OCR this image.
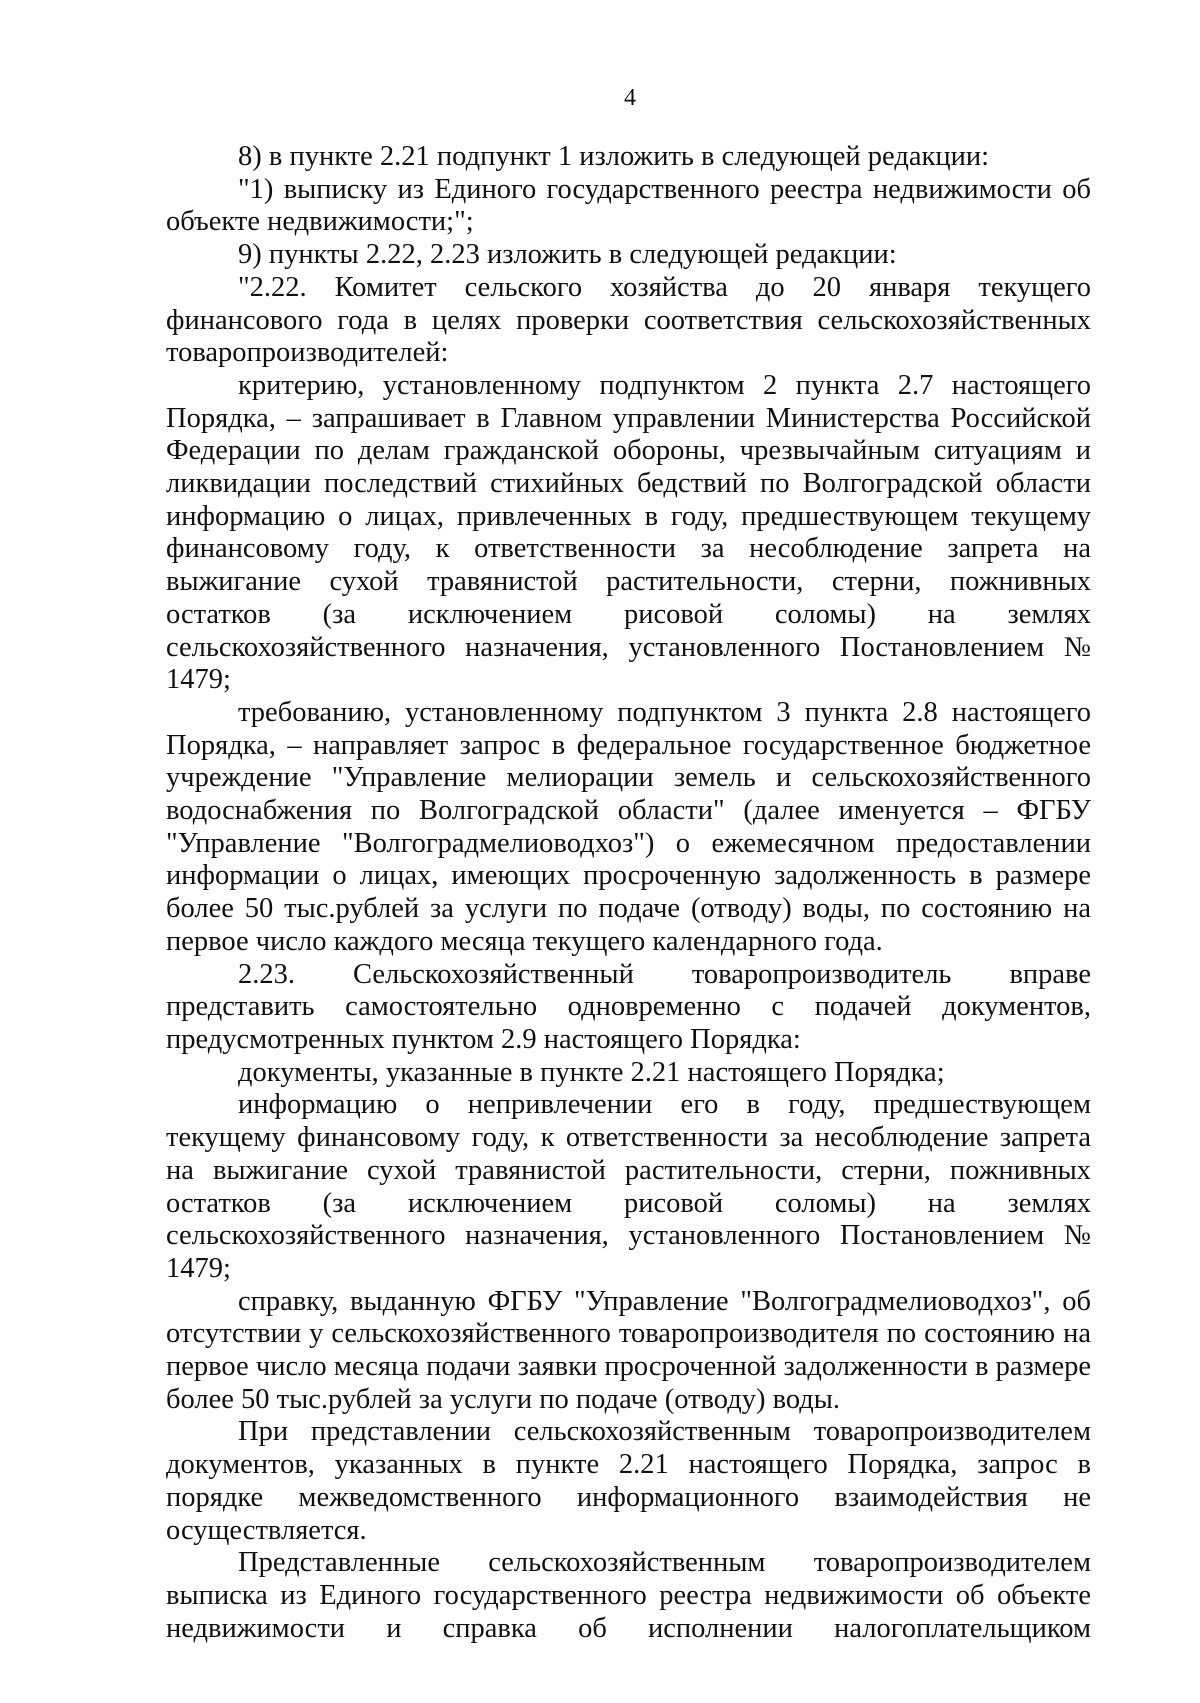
4

8) в пункте 2.21 подпункт 1 изложить в следующей редакции:

"1) выписку из Единого государственного реестра недвижимости об объекте недвижимости;";

9) пункты 2.22, 2.23 изложить в следующей редакции:

"2.22. Комитет сельского хозяйства до 20 января текущего финансового года в целях проверки соответствия сельскохозяйственных товаропроизводителей:

критерию, установленному подпунктом 2 пункта 2.7 настоящего Порядка, – запрашивает в Главном управлении Министерства Российской Федерации по делам гражданской обороны, чрезвычайным ситуациям и ликвидации последствий стихийных бедствий по Волгоградской области информацию о лицах, привлеченных в году, предшествующем текущему финансовому году, к ответственности за несоблюдение запрета на выжигание сухой травянистой растительности, стерни, пожнивных остатков (за исключением рисовой соломы) на землях сельскохозяйственного назначения, установленного Постановлением № 1479;

требованию, установленному подпунктом 3 пункта 2.8 настоящего Порядка, – направляет запрос в федеральное государственное бюджетное учреждение "Управление мелиорации земель и сельскохозяйственного водоснабжения по Волгоградской области" (далее именуется – ФГБУ "Управление "Волгоградмелиоводхоз") о ежемесячном предоставлении информации о лицах, имеющих просроченную задолженность в размере более 50 тыс.рублей за услуги по подаче (отводу) воды, по состоянию на первое число каждого месяца текущего календарного года.

2.23. Сельскохозяйственный товаропроизводитель вправе представить самостоятельно одновременно с подачей документов, предусмотренных пунктом 2.9 настоящего Порядка:

документы, указанные в пункте 2.21 настоящего Порядка;

информацию о непривлечении его в году, предшествующем текущему финансовому году, к ответственности за несоблюдение запрета на выжигание сухой травянистой растительности, стерни, пожнивных остатков (за исключением рисовой соломы) на землях сельскохозяйственного назначения, установленного Постановлением № 1479;

справку, выданную ФГБУ "Управление "Волгоградмелиоводхоз", об отсутствии у сельскохозяйственного товаропроизводителя по состоянию на первое число месяца подачи заявки просроченной задолженности в размере более 50 тыс.рублей за услуги по подаче (отводу) воды.

При представлении сельскохозяйственным товаропроизводителем документов, указанных в пункте 2.21 настоящего Порядка, запрос в порядке межведомственного информационного взаимодействия не осуществляется.

Представленные сельскохозяйственным товаропроизводителем выписка из Единого государственного реестра недвижимости об объекте недвижимости и справка об исполнении налогоплательщиком
